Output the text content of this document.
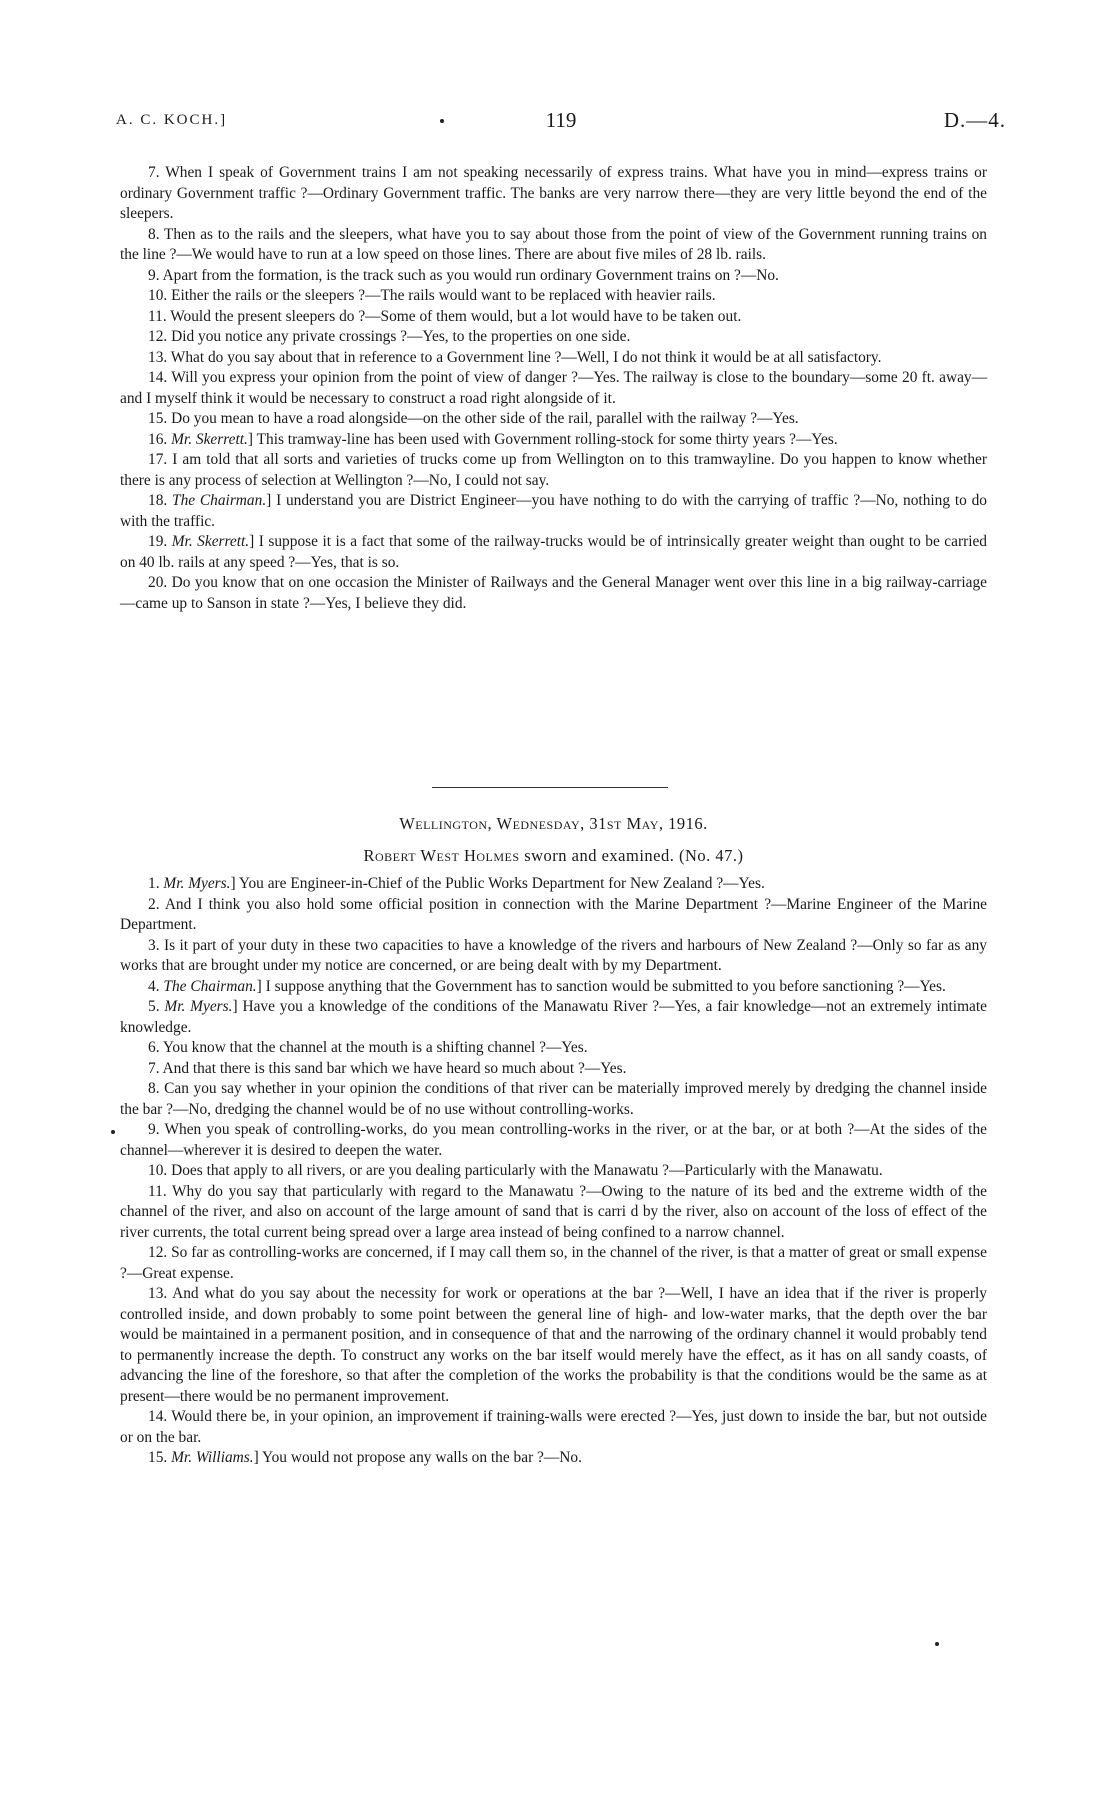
A. C. KOCH.]	119	D.—4.

7. When I speak of Government trains I am not speaking necessarily of express trains. What have you in mind—express trains or ordinary Government traffic ?—Ordinary Government traffic. The banks are very narrow there—they are very little beyond the end of the sleepers.

8. Then as to the rails and the sleepers, what have you to say about those from the point of view of the Government running trains on the line ?—We would have to run at a low speed on those lines. There are about five miles of 28 lb. rails.

9. Apart from the formation, is the track such as you would run ordinary Government trains on ?—No.

10. Either the rails or the sleepers ?—The rails would want to be replaced with heavier rails.

11. Would the present sleepers do ?—Some of them would, but a lot would have to be taken out.

12. Did you notice any private crossings ?—Yes, to the properties on one side.

13. What do you say about that in reference to a Government line ?—Well, I do not think it would be at all satisfactory.

14. Will you express your opinion from the point of view of danger ?—Yes. The railway is close to the boundary—some 20 ft. away—and I myself think it would be necessary to construct a road right alongside of it.

15. Do you mean to have a road alongside—on the other side of the rail, parallel with the railway ?—Yes.

16. Mr. Skerrett.] This tramway-line has been used with Government rolling-stock for some thirty years ?—Yes.

17. I am told that all sorts and varieties of trucks come up from Wellington on to this tramwayline. Do you happen to know whether there is any process of selection at Wellington ?—No, I could not say.

18. The Chairman.] I understand you are District Engineer—you have nothing to do with the carrying of traffic ?—No, nothing to do with the traffic.

19. Mr. Skerrett.] I suppose it is a fact that some of the railway-trucks would be of intrinsically greater weight than ought to be carried on 40 lb. rails at any speed ?—Yes, that is so.

20. Do you know that on one occasion the Minister of Railways and the General Manager went over this line in a big railway-carriage—came up to Sanson in state ?—Yes, I believe they did.

Wellington, Wednesday, 31st May, 1916.
Robert West Holmes sworn and examined. (No. 47.)

1. Mr. Myers.] You are Engineer-in-Chief of the Public Works Department for New Zealand ?—Yes.

2. And I think you also hold some official position in connection with the Marine Department ?—Marine Engineer of the Marine Department.

3. Is it part of your duty in these two capacities to have a knowledge of the rivers and harbours of New Zealand ?—Only so far as any works that are brought under my notice are concerned, or are being dealt with by my Department.

4. The Chairman.] I suppose anything that the Government has to sanction would be submitted to you before sanctioning ?—Yes.

5. Mr. Myers.] Have you a knowledge of the conditions of the Manawatu River ?—Yes, a fair knowledge—not an extremely intimate knowledge.

6. You know that the channel at the mouth is a shifting channel ?—Yes.

7. And that there is this sand bar which we have heard so much about ?—Yes.

8. Can you say whether in your opinion the conditions of that river can be materially improved merely by dredging the channel inside the bar ?—No, dredging the channel would be of no use without controlling-works.

9. When you speak of controlling-works, do you mean controlling-works in the river, or at the bar, or at both ?—At the sides of the channel—wherever it is desired to deepen the water.

10. Does that apply to all rivers, or are you dealing particularly with the Manawatu ?—Particularly with the Manawatu.

11. Why do you say that particularly with regard to the Manawatu ?—Owing to the nature of its bed and the extreme width of the channel of the river, and also on account of the large amount of sand that is carri d by the river, also on account of the loss of effect of the river currents, the total current being spread over a large area instead of being confined to a narrow channel.

12. So far as controlling-works are concerned, if I may call them so, in the channel of the river, is that a matter of great or small expense ?—Great expense.

13. And what do you say about the necessity for work or operations at the bar ?—Well, I have an idea that if the river is properly controlled inside, and down probably to some point between the general line of high- and low-water marks, that the depth over the bar would be maintained in a permanent position, and in consequence of that and the narrowing of the ordinary channel it would probably tend to permanently increase the depth. To construct any works on the bar itself would merely have the effect, as it has on all sandy coasts, of advancing the line of the foreshore, so that after the completion of the works the probability is that the conditions would be the same as at present—there would be no permanent improvement.

14. Would there be, in your opinion, an improvement if training-walls were erected ?—Yes, just down to inside the bar, but not outside or on the bar.

15. Mr. Williams.] You would not propose any walls on the bar ?—No.
